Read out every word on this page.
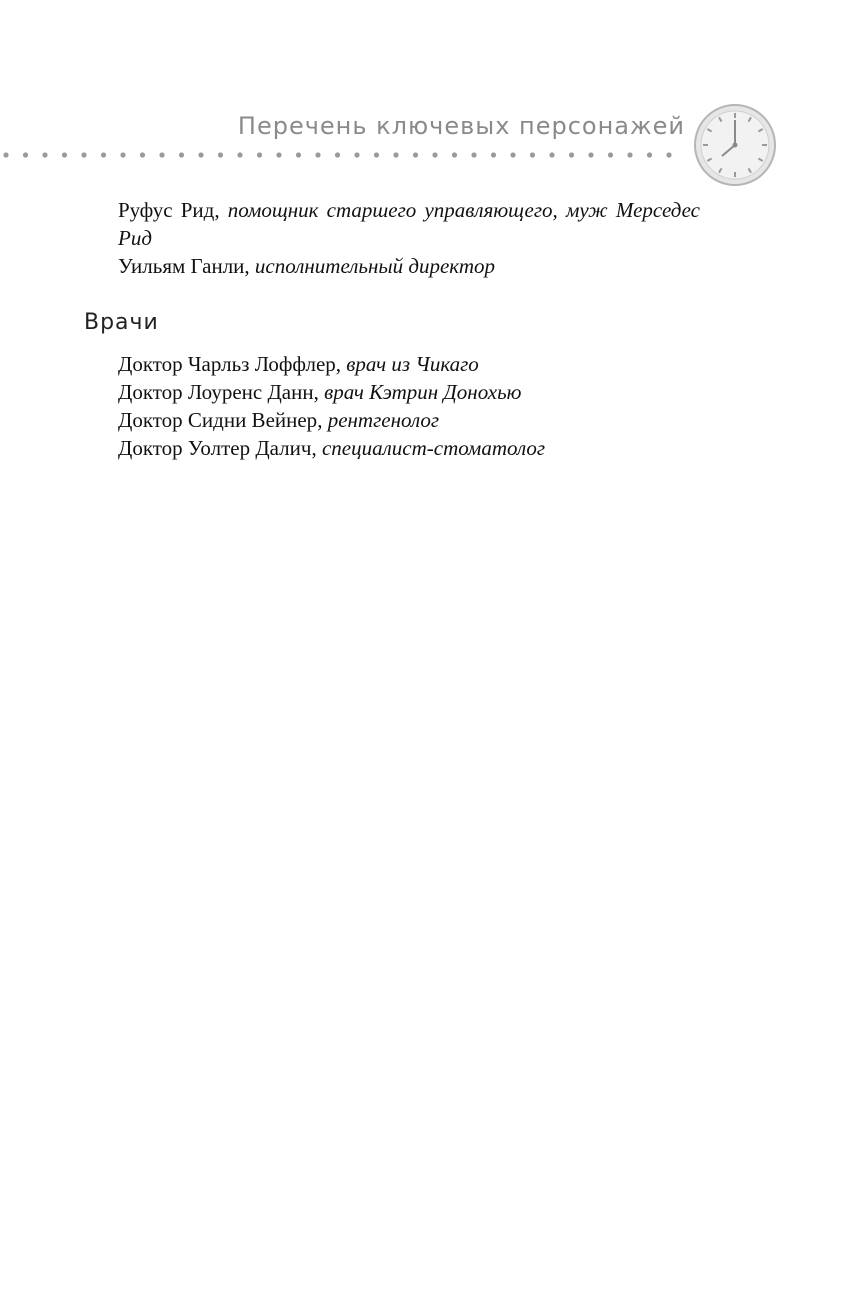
Перечень ключевых персонажей
Руфус Рид, помощник старшего управляющего, муж Мерседес Рид
Уильям Ганли, исполнительный директор
Врачи
Доктор Чарльз Лоффлер, врач из Чикаго
Доктор Лоуренс Данн, врач Кэтрин Донохью
Доктор Сидни Вейнер, рентгенолог
Доктор Уолтер Далич, специалист-стоматолог
